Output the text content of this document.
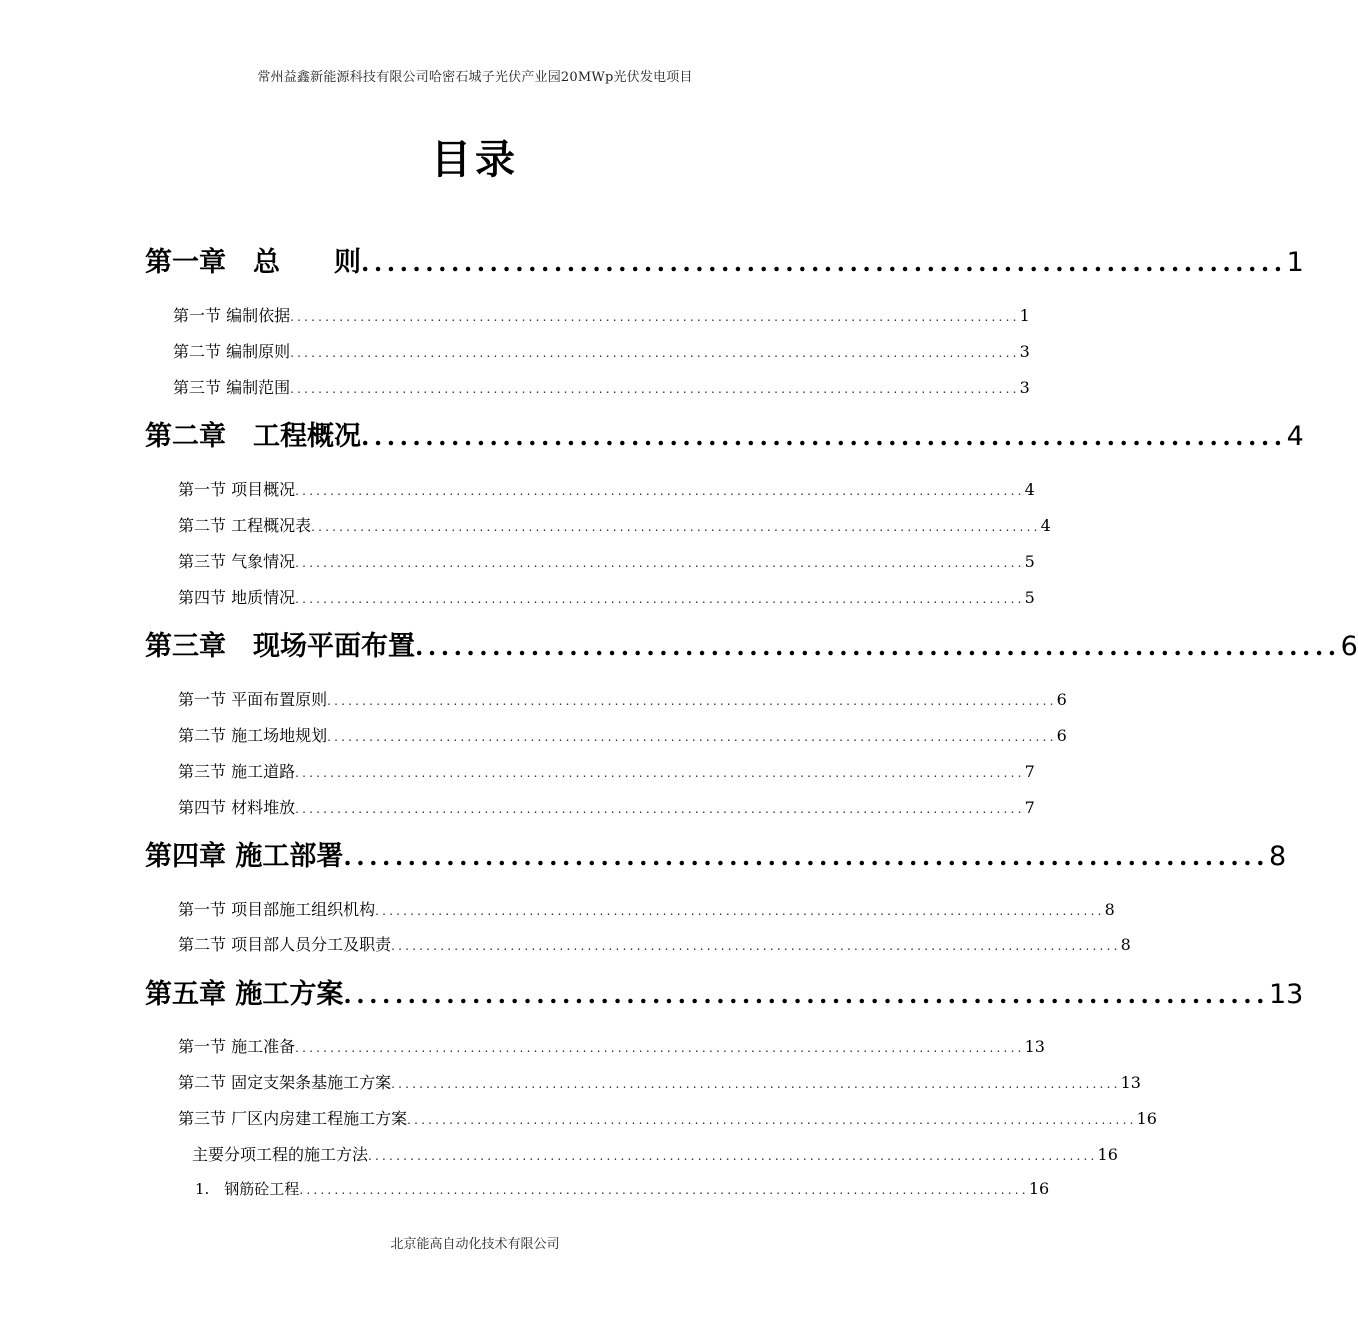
常州益鑫新能源科技有限公司哈密石城子光伏产业园20MWp光伏发电项目
目录
第一章　总　　则 ........................................................................ 1
第一节 编制依据 ........................................................................................................ 1
第二节 编制原则 ........................................................................................................ 3
第三节 编制范围 ........................................................................................................ 3
第二章　工程概况 ........................................................................ 4
第一节 项目概况 ........................................................................................................ 4
第二节 工程概况表 ........................................................................................................ 4
第三节 气象情况 ........................................................................................................ 5
第四节 地质情况 ........................................................................................................ 5
第三章　现场平面布置 ........................................................................ 6
第一节 平面布置原则 ........................................................................................................ 6
第二节 施工场地规划 ........................................................................................................ 6
第三节 施工道路 ........................................................................................................ 7
第四节 材料堆放 ........................................................................................................ 7
第四章 施工部署 ........................................................................ 8
第一节 项目部施工组织机构 ........................................................................................................ 8
第二节 项目部人员分工及职责 ........................................................................................................ 8
第五章 施工方案 ........................................................................ 13
第一节 施工准备 ........................................................................................................ 13
第二节 固定支架条基施工方案 ........................................................................................................ 13
第三节 厂区内房建工程施工方案 ........................................................................................................ 16
主要分项工程的施工方法 ........................................................................................................ 16
1.　钢筋砼工程 ........................................................................................................ 16
北京能高自动化技术有限公司
